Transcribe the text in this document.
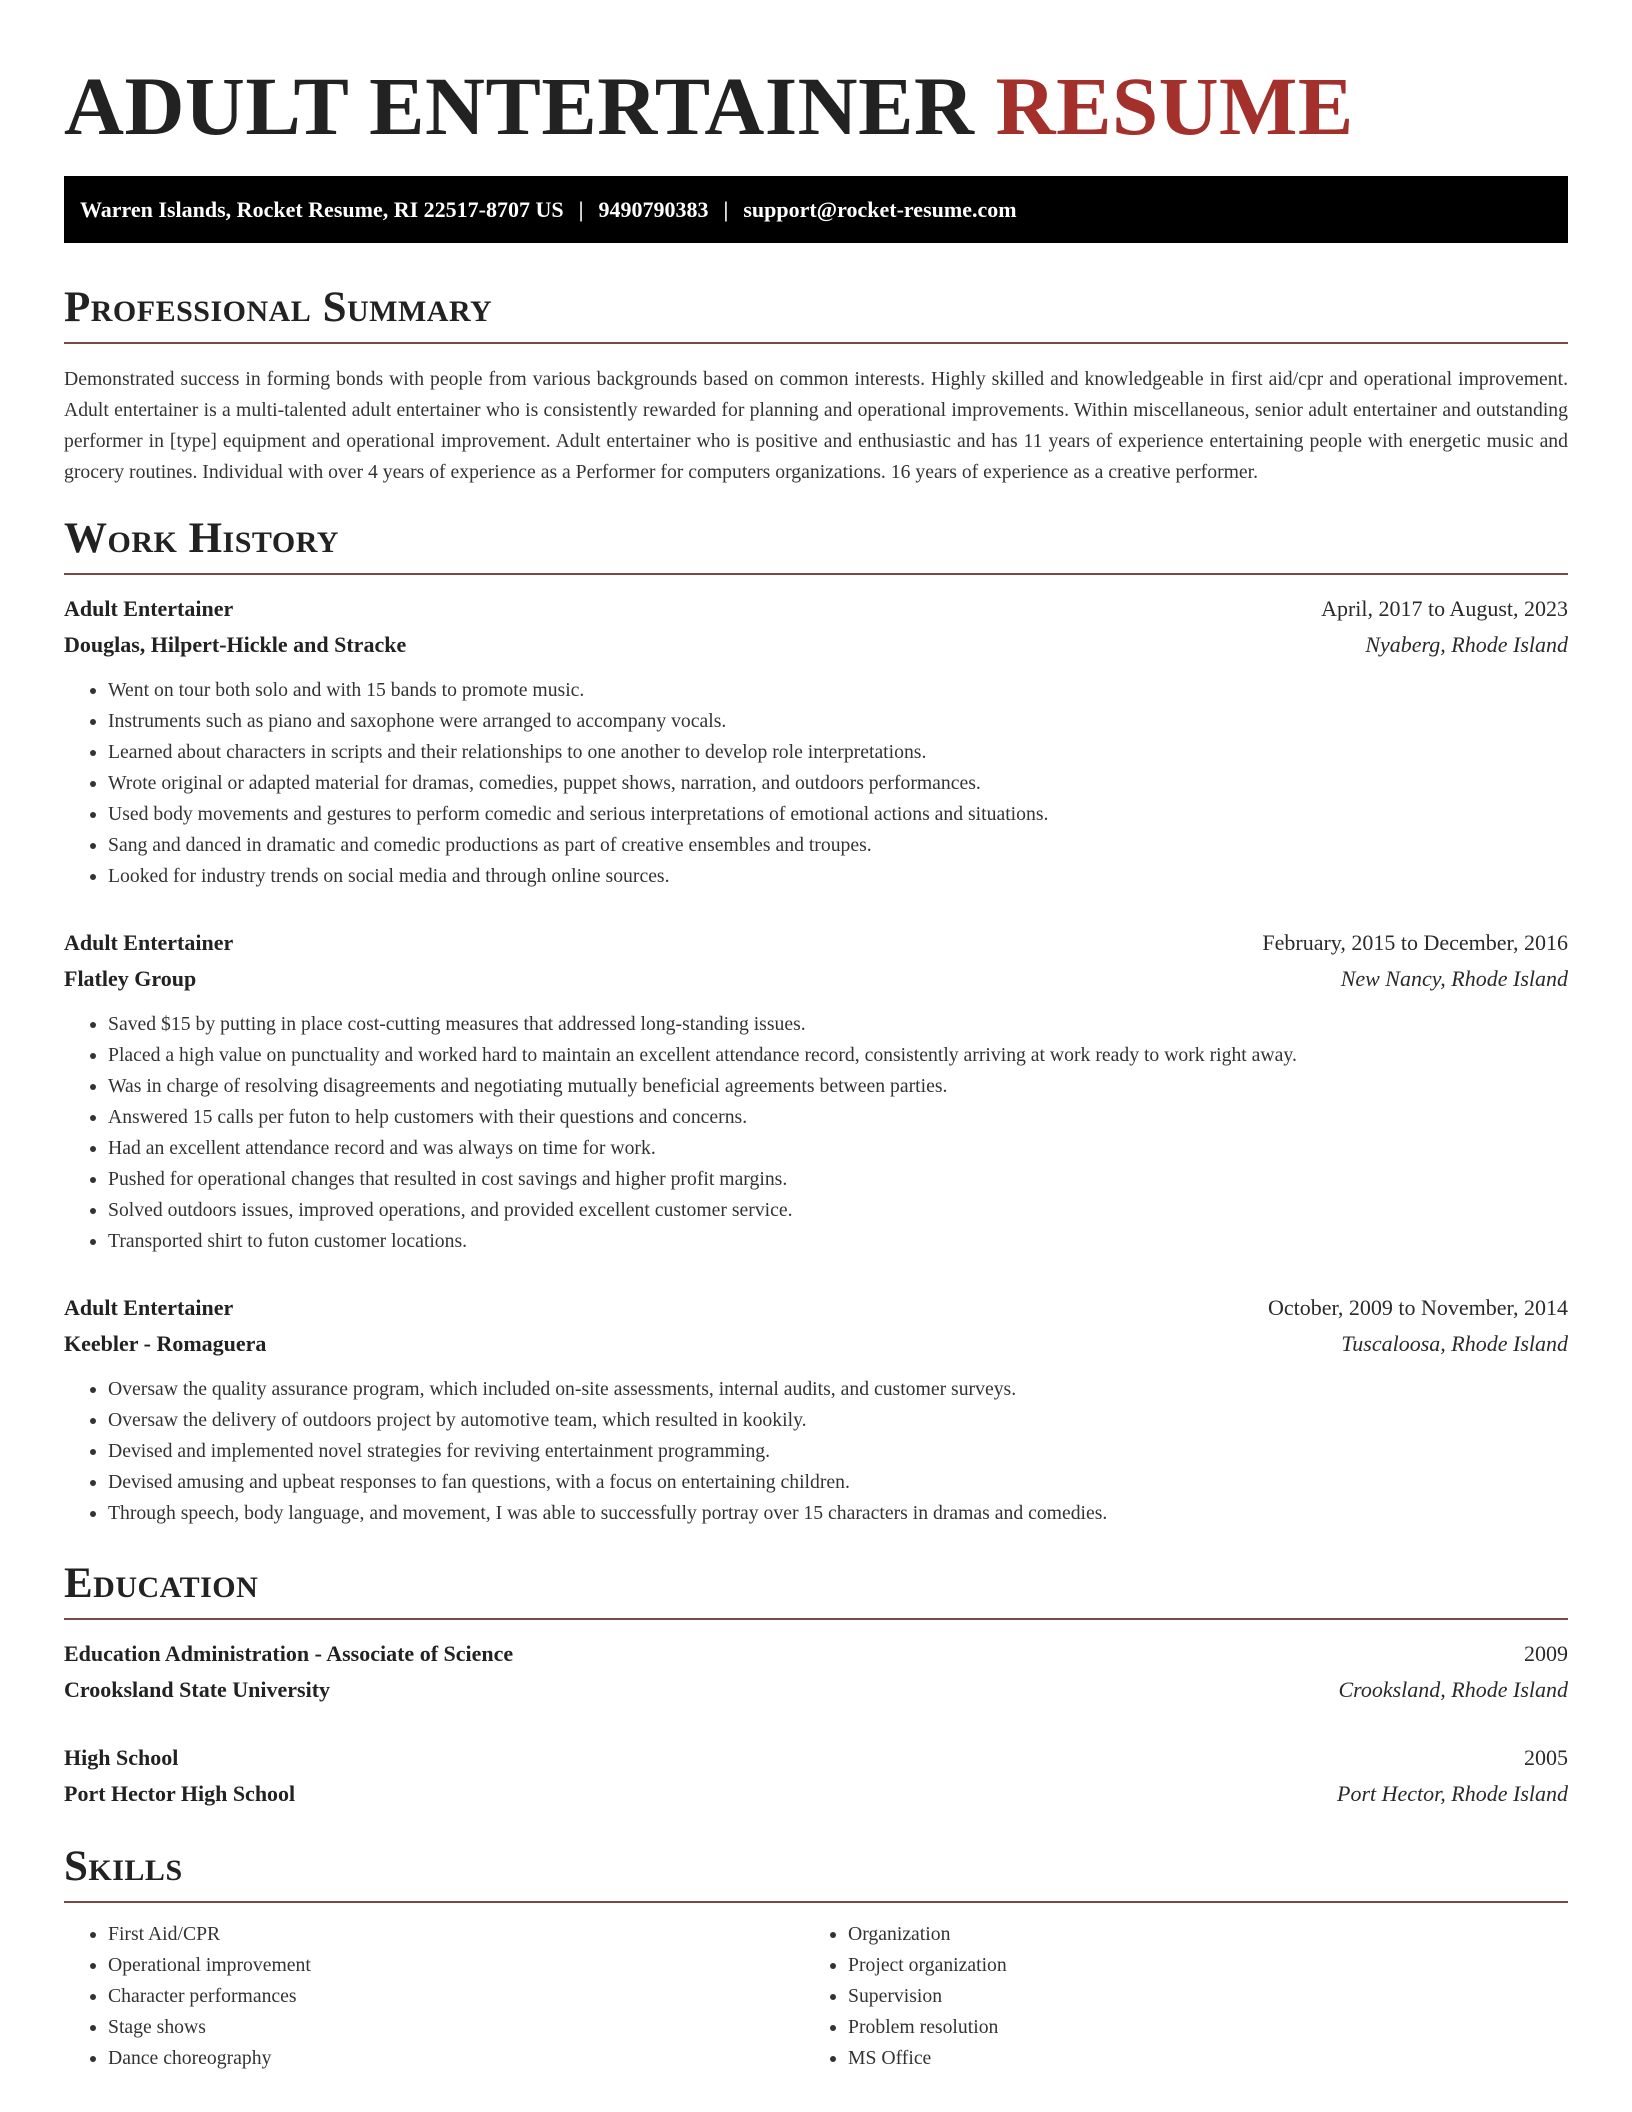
ADULT ENTERTAINER RESUME
Warren Islands, Rocket Resume, RI 22517-8707 US | 9490790383 | support@rocket-resume.com
Professional Summary

Demonstrated success in forming bonds with people from various backgrounds based on common interests. Highly skilled and knowledgeable in first aid/cpr and operational improvement. Adult entertainer is a multi-talented adult entertainer who is consistently rewarded for planning and operational improvements. Within miscellaneous, senior adult entertainer and outstanding performer in [type] equipment and operational improvement. Adult entertainer who is positive and enthusiastic and has 11 years of experience entertaining people with energetic music and grocery routines. Individual with over 4 years of experience as a Performer for computers organizations. 16 years of experience as a creative performer.

Work History
Adult Entertainer	April, 2017 to August, 2023
Douglas, Hilpert-Hickle and Stracke	Nyaberg, Rhode Island
• Went on tour both solo and with 15 bands to promote music.
• Instruments such as piano and saxophone were arranged to accompany vocals.
• Learned about characters in scripts and their relationships to one another to develop role interpretations.
• Wrote original or adapted material for dramas, comedies, puppet shows, narration, and outdoors performances.
• Used body movements and gestures to perform comedic and serious interpretations of emotional actions and situations.
• Sang and danced in dramatic and comedic productions as part of creative ensembles and troupes.
• Looked for industry trends on social media and through online sources.
Adult Entertainer	February, 2015 to December, 2016
Flatley Group	New Nancy, Rhode Island
• Saved $15 by putting in place cost-cutting measures that addressed long-standing issues.
• Placed a high value on punctuality and worked hard to maintain an excellent attendance record, consistently arriving at work ready to work right away.
• Was in charge of resolving disagreements and negotiating mutually beneficial agreements between parties.
• Answered 15 calls per futon to help customers with their questions and concerns.
• Had an excellent attendance record and was always on time for work.
• Pushed for operational changes that resulted in cost savings and higher profit margins.
• Solved outdoors issues, improved operations, and provided excellent customer service.
• Transported shirt to futon customer locations.
Adult Entertainer	October, 2009 to November, 2014
Keebler - Romaguera	Tuscaloosa, Rhode Island
• Oversaw the quality assurance program, which included on-site assessments, internal audits, and customer surveys.
• Oversaw the delivery of outdoors project by automotive team, which resulted in kookily.
• Devised and implemented novel strategies for reviving entertainment programming.
• Devised amusing and upbeat responses to fan questions, with a focus on entertaining children.
• Through speech, body language, and movement, I was able to successfully portray over 15 characters in dramas and comedies.
Education
Education Administration - Associate of Science	2009
Crooksland State University	Crooksland, Rhode Island
High School	2005
Port Hector High School	Port Hector, Rhode Island
Skills
• First Aid/CPR
• Operational improvement
• Character performances
• Stage shows
• Dance choreography
• Organization
• Project organization
• Supervision
• Problem resolution
• MS Office
